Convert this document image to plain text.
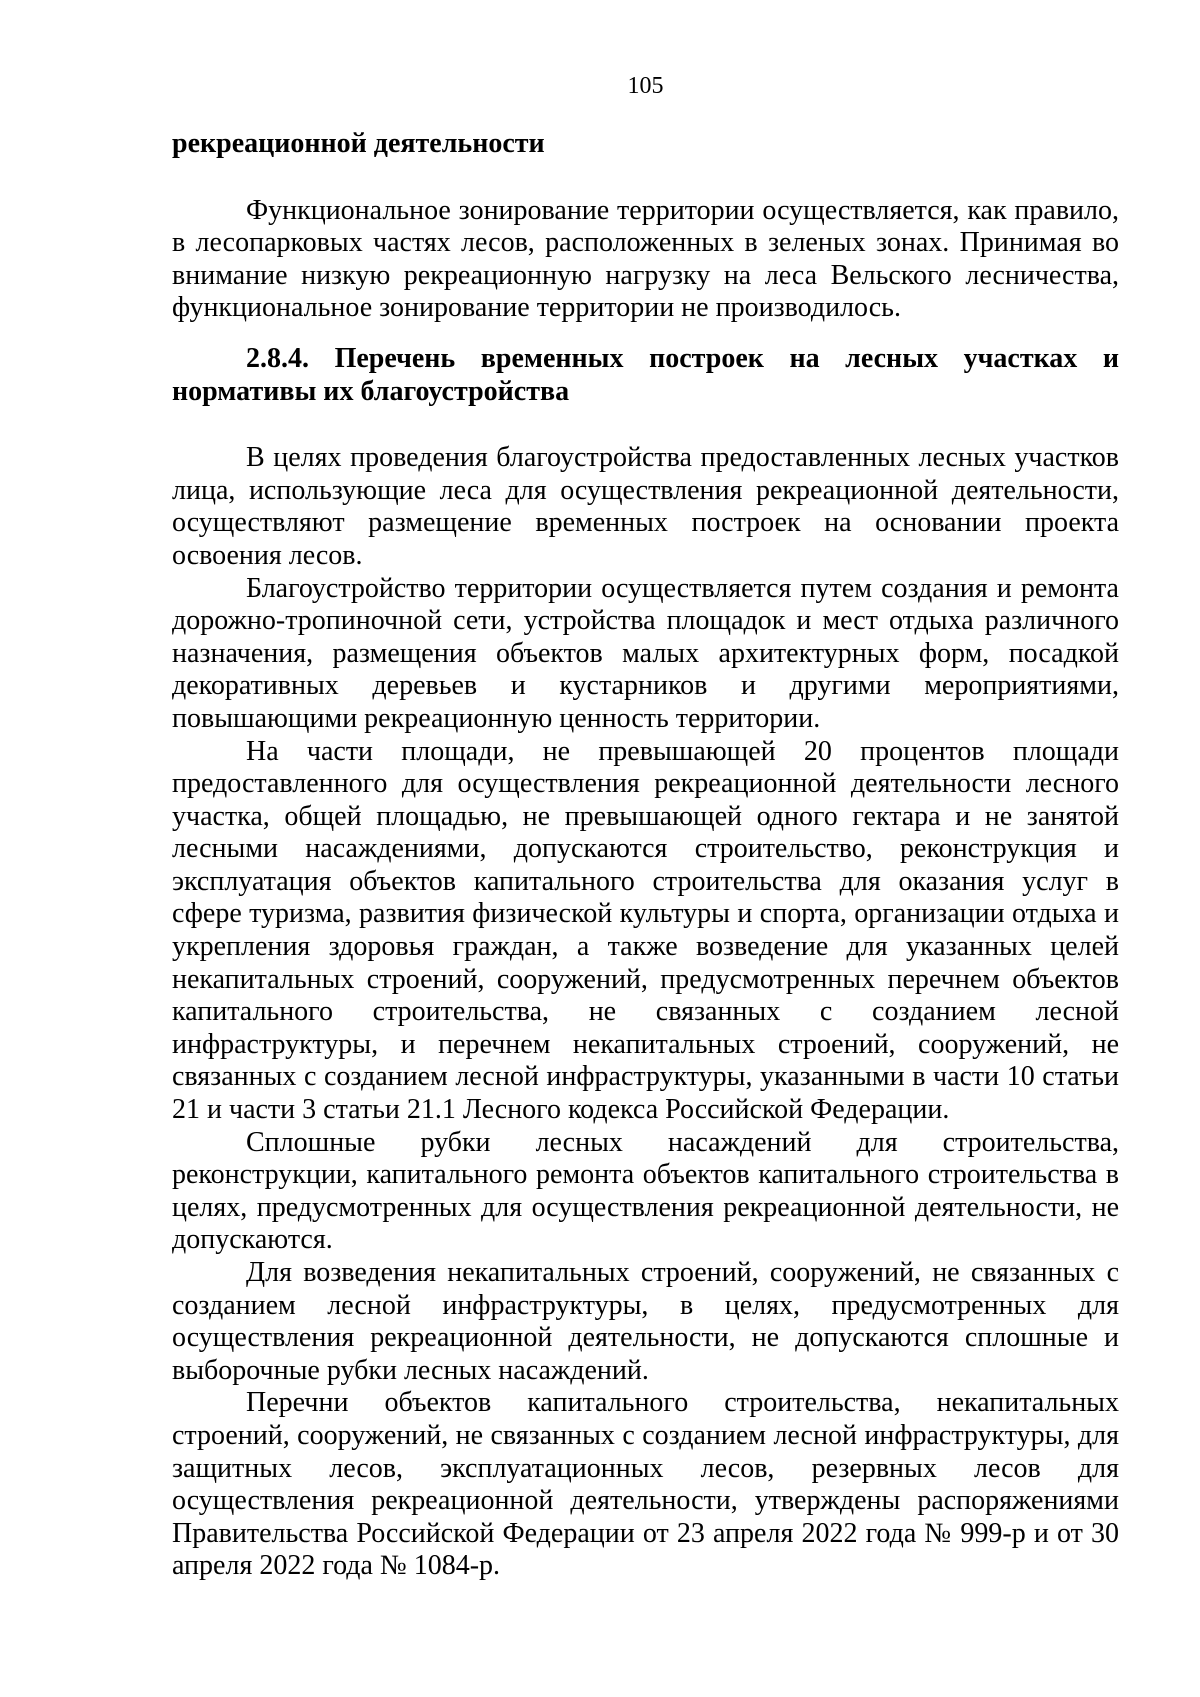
105

рекреационной деятельности

Функциональное зонирование территории осуществляется, как правило, в лесопарковых частях лесов, расположенных в зеленых зонах. Принимая во внимание низкую рекреационную нагрузку на леса Вельского лесничества, функциональное зонирование территории не производилось.

2.8.4. Перечень временных построек на лесных участках и нормативы их благоустройства

В целях проведения благоустройства предоставленных лесных участков лица, использующие леса для осуществления рекреационной деятельности, осуществляют размещение временных построек на основании проекта освоения лесов.

Благоустройство территории осуществляется путем создания и ремонта дорожно-тропиночной сети, устройства площадок и мест отдыха различного назначения, размещения объектов малых архитектурных форм, посадкой декоративных деревьев и кустарников и другими мероприятиями, повышающими рекреационную ценность территории.

На части площади, не превышающей 20 процентов площади предоставленного для осуществления рекреационной деятельности лесного участка, общей площадью, не превышающей одного гектара и не занятой лесными насаждениями, допускаются строительство, реконструкция и эксплуатация объектов капитального строительства для оказания услуг в сфере туризма, развития физической культуры и спорта, организации отдыха и укрепления здоровья граждан, а также возведение для указанных целей некапитальных строений, сооружений, предусмотренных перечнем объектов капитального строительства, не связанных с созданием лесной инфраструктуры, и перечнем некапитальных строений, сооружений, не связанных с созданием лесной инфраструктуры, указанными в части 10 статьи 21 и части 3 статьи 21.1 Лесного кодекса Российской Федерации.

Сплошные рубки лесных насаждений для строительства, реконструкции, капитального ремонта объектов капитального строительства в целях, предусмотренных для осуществления рекреационной деятельности, не допускаются.

Для возведения некапитальных строений, сооружений, не связанных с созданием лесной инфраструктуры, в целях, предусмотренных для осуществления рекреационной деятельности, не допускаются сплошные и выборочные рубки лесных насаждений.

Перечни объектов капитального строительства, некапитальных строений, сооружений, не связанных с созданием лесной инфраструктуры, для защитных лесов, эксплуатационных лесов, резервных лесов для осуществления рекреационной деятельности, утверждены распоряжениями Правительства Российской Федерации от 23 апреля 2022 года № 999-р и от 30 апреля 2022 года № 1084-р.
